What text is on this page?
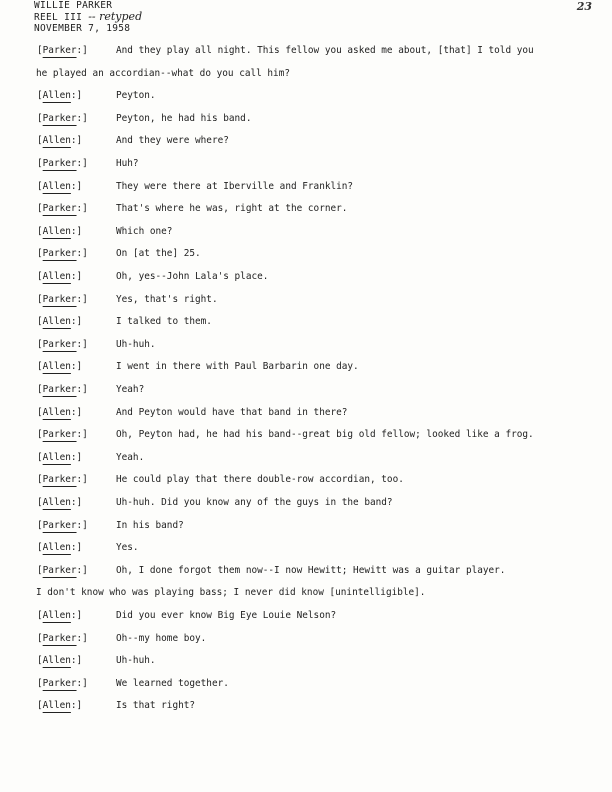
WILLIE PARKER
REEL III -- retyped
NOVEMBER 7, 1958
23
[Parker:]	And they play all night. This fellow you asked me about, [that] I told you
he played an accordian--what do you call him?
[Allen:]	Peyton.
[Parker:]	Peyton, he had his band.
[Allen:]	And they were where?
[Parker:]	Huh?
[Allen:]	They were there at Iberville and Franklin?
[Parker:]	That's where he was, right at the corner.
[Allen:]	Which one?
[Parker:]	On [at the] 25.
[Allen:]	Oh, yes--John Lala's place.
[Parker:]	Yes, that's right.
[Allen:]	I talked to them.
[Parker:]	Uh-huh.
[Allen:]	I went in there with Paul Barbarin one day.
[Parker:]	Yeah?
[Allen:]	And Peyton would have that band in there?
[Parker:]	Oh, Peyton had, he had his band--great big old fellow; looked like a frog.
[Allen:]	Yeah.
[Parker:]	He could play that there double-row accordian, too.
[Allen:]	Uh-huh. Did you know any of the guys in the band?
[Parker:]	In his band?
[Allen:]	Yes.
[Parker:]	Oh, I done forgot them now--I now Hewitt; Hewitt was a guitar player.
I don't know who was playing bass; I never did know [unintelligible].
[Allen:]	Did you ever know Big Eye Louie Nelson?
[Parker:]	Oh--my home boy.
[Allen:]	Uh-huh.
[Parker:]	We learned together.
[Allen:]	Is that right?
